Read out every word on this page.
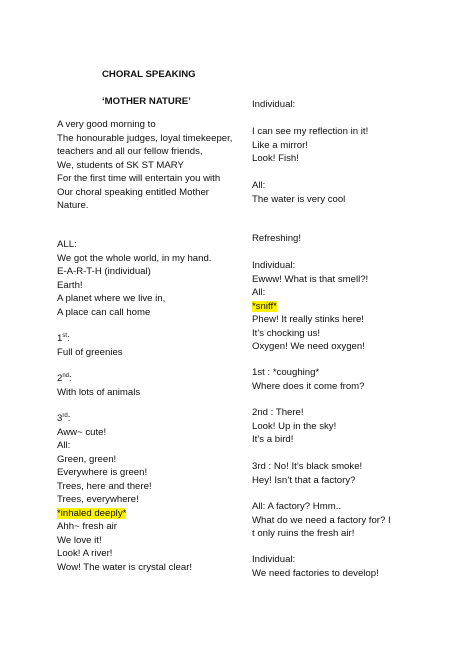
CHORAL SPEAKING
‘MOTHER NATURE’
A very good morning to
The honourable judges, loyal timekeeper,
teachers and all our fellow friends,
We, students of SK ST MARY
For the first time will entertain you with
Our choral speaking entitled Mother
Nature.
ALL:
We got the whole world, in my hand.
E-A-R-T-H (individual)
Earth!
A planet where we live in,
A place can call home
1st:
Full of greenies
2nd:
With lots of animals
3rd:
Aww~ cute!
All:
Green, green!
Everywhere is green!
Trees, here and there!
Trees, everywhere!
*inhaled deeply*
Ahh~ fresh air
We love it!
Look! A river!
Wow! The water is crystal clear!
Individual:
I can see my reflection in it!
Like a mirror!
Look! Fish!
All:
The water is very cool
Refreshing!
Individual:
Ewww! What is that smell?!
All:
*sniff*
Phew! It really stinks here!
It’s chocking us!
Oxygen! We need oxygen!
1st : *coughing*
Where does it come from?
2nd : There!
Look! Up in the sky!
It’s a bird!
3rd : No! It’s black smoke!
Hey! Isn’t that a factory?
All: A factory? Hmm..
What do we need a factory for? I
t only ruins the fresh air!
Individual:
We need factories to develop!
